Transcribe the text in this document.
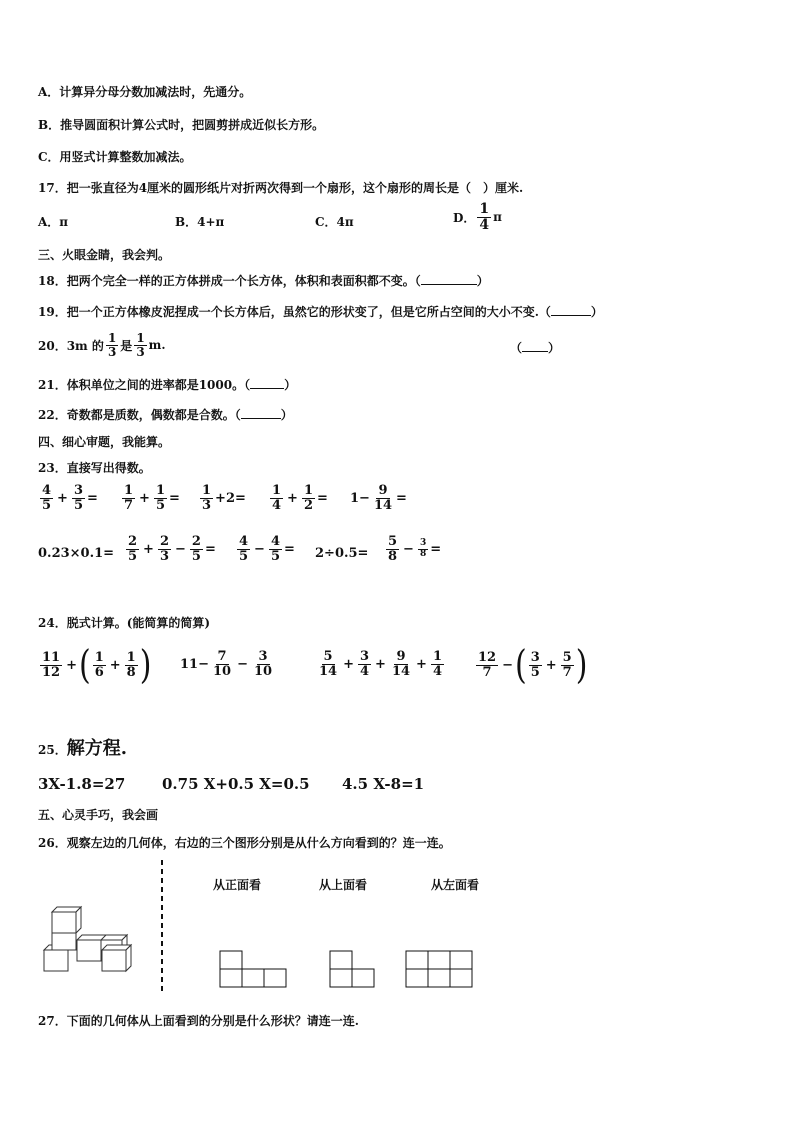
A．计算异分母分数加减法时，先通分。
B．推导圆面积计算公式时，把圆剪拼成近似长方形。
C．用竖式计算整数加减法。
17．把一张直径为4厘米的圆形纸片对折两次得到一个扇形，这个扇形的周长是（　）厘米.
A．π	B．4+π	C．4π	D． $\frac{1}{4}$ π
三、火眼金睛，我会判。
18．把两个完全一样的正方体拼成一个长方体，体积和表面积都不变。（	）
19．把一个正方体橡皮泥捏成一个长方体后，虽然它的形状变了，但是它所占空间的大小不变.（	）
20．3m 的 $\frac{1}{3}$ 是 $\frac{1}{3} m$.	（ ）
21．体积单位之间的进率都是1000。（	）
22．奇数都是质数，偶数都是合数。（	）
四、细心审题，我能算。
23．直接写出得数。
$\frac{4}{5} + \frac{3}{5} = \frac{1}{7} + \frac{1}{5} = \frac{1}{3} +2= \frac{1}{4} + \frac{1}{2} = 1- \frac{9}{14}$ =
$0.23\times 0.1= \frac{2}{5} + \frac{2}{3} - \frac{2}{5} = \frac{4}{5} - \frac{4}{5} = 2\div 0.5= \frac{5}{8} - \frac{3}{8}$ =
24．脱式计算。(能简算的简算)
$\frac{11}{12}$ + ( $\frac{1}{6} + \frac{1}{8}$ ) $11- \frac{7}{10} - \frac{3}{10}$	$\frac{5}{14} + \frac{3}{4} + \frac{9}{14} + \frac{1}{4} \frac{12}{7}$ − ( $\frac{3}{5} + \frac{5}{7}$ )
25． 解方程.
3X-1.8=27 0.75 X+0.5 X=0.5 4.5 X-8=1
五、心灵手巧，我会画
26．观察左边的几何体，右边的三个图形分别是从什么方向看到的？连一连。
从正面看	从上面看	从左面看
27．下面的几何体从上面看到的分别是什么形状？请连一连.
